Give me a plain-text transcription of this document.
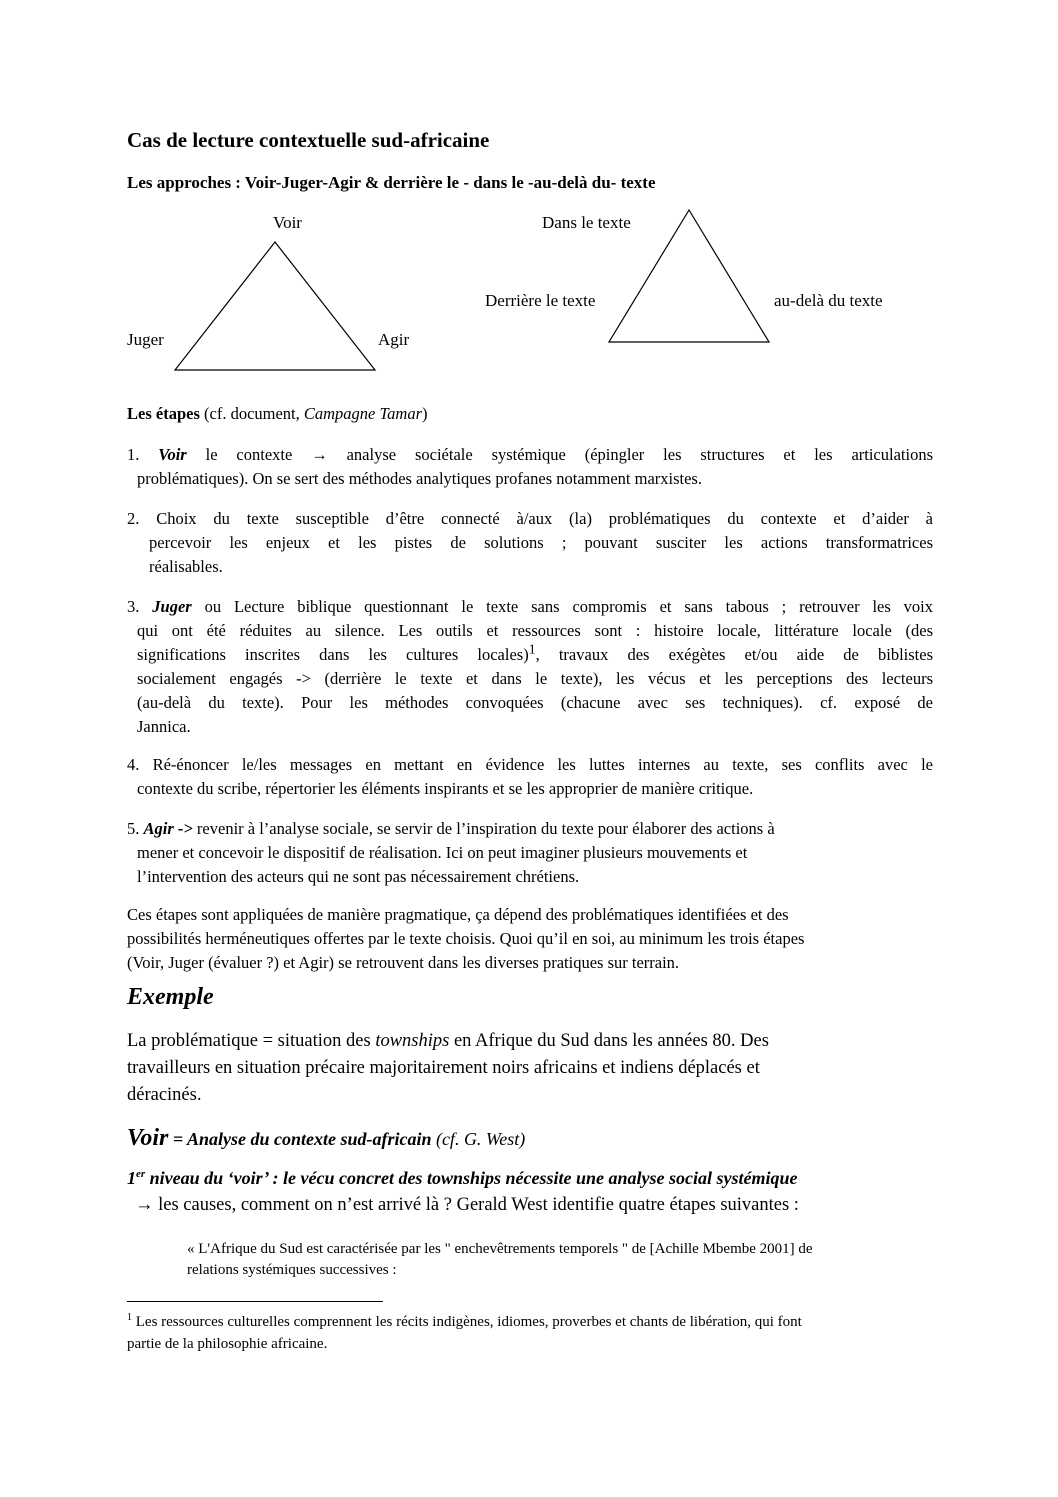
Cas de lecture contextuelle sud-africaine
Les approches : Voir-Juger-Agir & derrière le - dans le -au-delà du- texte
Voir
Juger	Agir
Dans le texte
Derrière le texte	au-delà du texte
Les étapes (cf. document, Campagne Tamar)
1. Voir le contexte → analyse sociétale systémique (épingler les structures et les articulations
problématiques). On se sert des méthodes analytiques profanes notamment marxistes.
2. Choix du texte susceptible d’être connecté à/aux (la) problématiques du contexte et d’aider à
percevoir les enjeux et les pistes de solutions ; pouvant susciter les actions transformatrices
réalisables.
3. Juger ou Lecture biblique questionnant le texte sans compromis et sans tabous ; retrouver les voix
qui ont été réduites au silence. Les outils et ressources sont : histoire locale, littérature locale (des
significations inscrites dans les cultures locales)$^1$, travaux des exégètes et/ou aide de biblistes
socialement engagés -> (derrière le texte et dans le texte), les vécus et les perceptions des lecteurs
(au-delà du texte). Pour les méthodes convoquées (chacune avec ses techniques). cf. exposé de
Jannica.
4. Ré-énoncer le/les messages en mettant en évidence les luttes internes au texte, ses conflits avec le
contexte du scribe, répertorier les éléments inspirants et se les approprier de manière critique.
5. Agir -> revenir à l’analyse sociale, se servir de l’inspiration du texte pour élaborer des actions à
mener et concevoir le dispositif de réalisation. Ici on peut imaginer plusieurs mouvements et
l’intervention des acteurs qui ne sont pas nécessairement chrétiens.
Ces étapes sont appliquées de manière pragmatique, ça dépend des problématiques identifiées et des
possibilités herméneutiques offertes par le texte choisis. Quoi qu’il en soi, au minimum les trois étapes
(Voir, Juger (évaluer ?) et Agir) se retrouvent dans les diverses pratiques sur terrain.
Exemple
La problématique = situation des townships en Afrique du Sud dans les années 80. Des
travailleurs en situation précaire majoritairement noirs africains et indiens déplacés et
déracinés.
Voir = Analyse du contexte sud-africain (cf. G. West)
1er niveau du ‘voir’ : le vécu concret des townships nécessite une analyse social systémique
→ les causes, comment on n’est arrivé là ? Gerald West identifie quatre étapes suivantes :
« L'Afrique du Sud est caractérisée par les " enchevêtrements temporels " de [Achille Mbembe 2001] de
relations systémiques successives :
$^1$ Les ressources culturelles comprennent les récits indigènes, idiomes, proverbes et chants de libération, qui font
partie de la philosophie africaine.
